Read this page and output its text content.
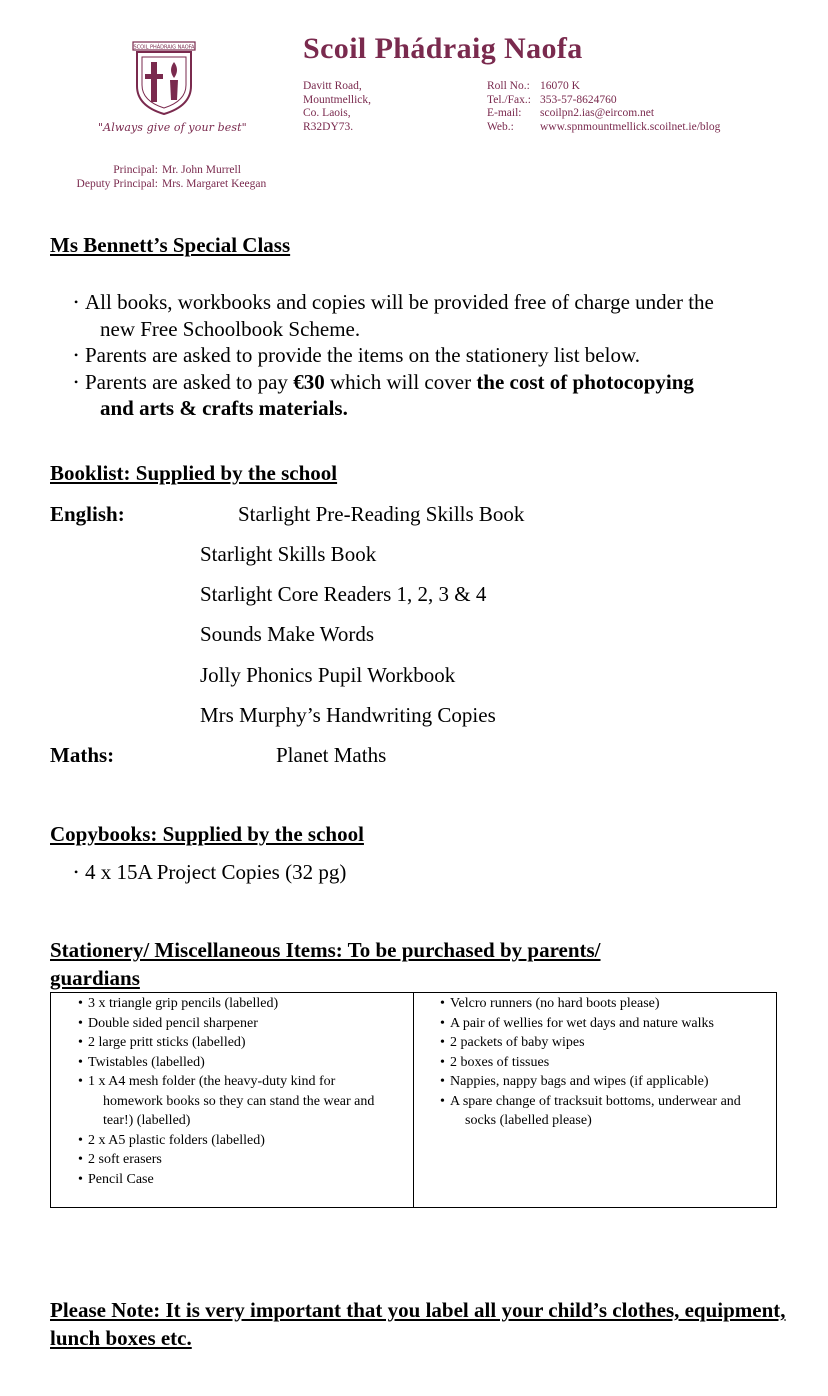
SCOIL PHÁDRAIG NAOFA
"Always give of your best"
Scoil Phádraig Naofa
Davitt Road,
Mountmellick,
Co. Laois,
R32DY73.
Roll No.: 16070 K
Tel./Fax.: 353-57-8624760
E-mail:	scoilpn2.ias@eircom.net
Web.:	www.spnmountmellick.scoilnet.ie/blog
Principal: Mr. John Murrell
Deputy Principal: Mrs. Margaret Keegan
Ms Bennett’s Special Class
• All books, workbooks and copies will be provided free of charge under the
new Free Schoolbook Scheme.
• Parents are asked to provide the items on the stationery list below.
• Parents are asked to pay €30 which will cover the cost of photocopying
and arts & crafts materials.
Booklist: Supplied by the school
English:	Starlight Pre-Reading Skills Book
Starlight Skills Book
Starlight Core Readers 1, 2, 3 & 4
Sounds Make Words
Jolly Phonics Pupil Workbook
Mrs Murphy’s Handwriting Copies
Maths:	Planet Maths
Copybooks: Supplied by the school
• 4 x 15A Project Copies (32 pg)
Stationery/ Miscellaneous Items: To be purchased by parents/
guardians
• 3 x triangle grip pencils (labelled)
• Double sided pencil sharpener
• 2 large pritt sticks (labelled)
• Twistables (labelled)
• 1 x A4 mesh folder (the heavy-duty kind for
homework books so they can stand the wear and
tear!) (labelled)
• 2 x A5 plastic folders (labelled)
• 2 soft erasers
• Pencil Case
• Velcro runners (no hard boots please)
• A pair of wellies for wet days and nature walks
• 2 packets of baby wipes
• 2 boxes of tissues
• Nappies, nappy bags and wipes (if applicable)
• A spare change of tracksuit bottoms, underwear and
socks (labelled please)
Please Note: It is very important that you label all your child’s clothes, equipment, lunch boxes etc.
